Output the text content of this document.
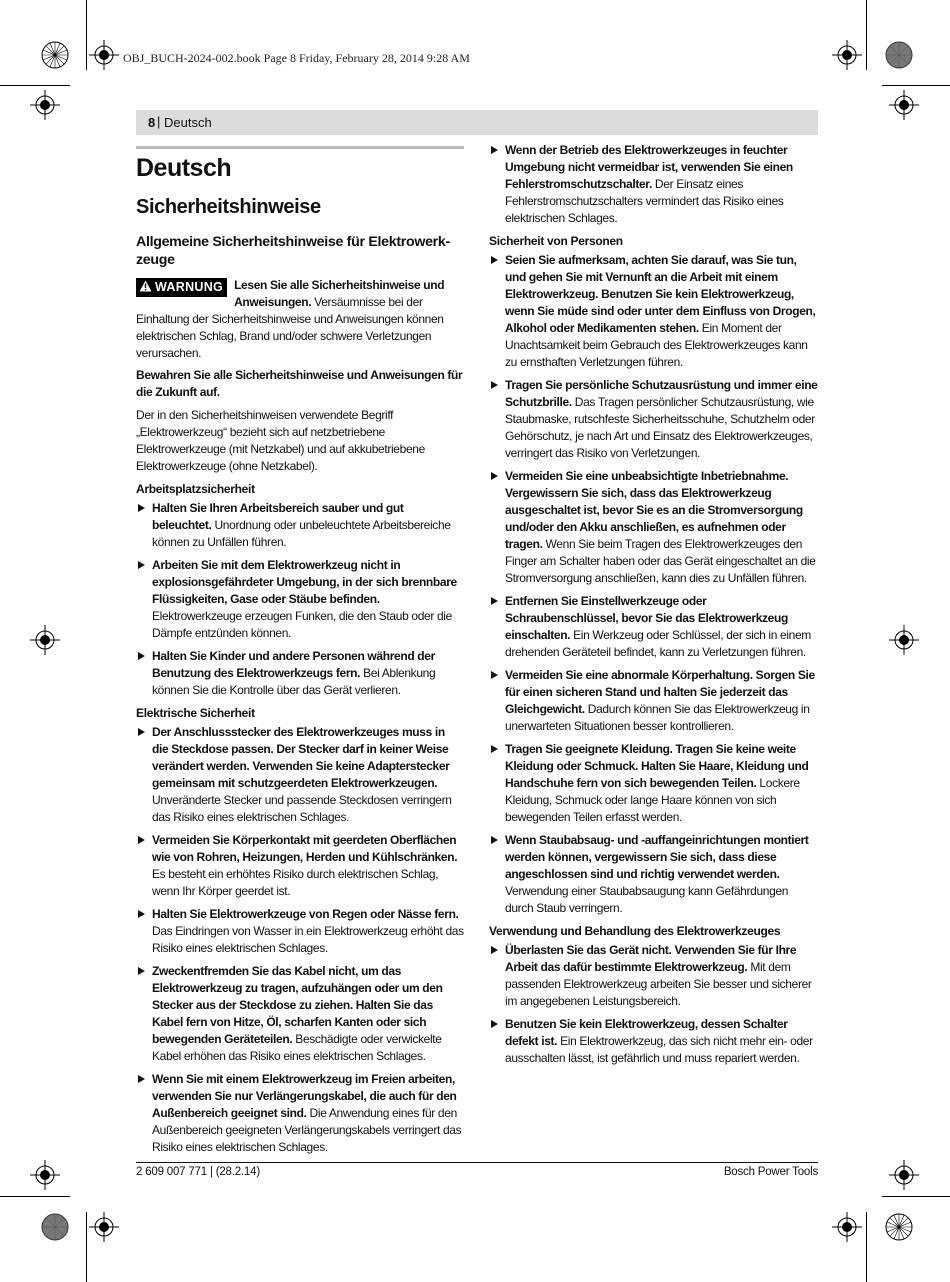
OBJ_BUCH-2024-002.book Page 8 Friday, February 28, 2014 9:28 AM
8 | Deutsch
Deutsch
Sicherheitshinweise
Allgemeine Sicherheitshinweise für Elektrowerk-zeuge

WARNUNG Lesen Sie alle Sicherheitshinweise und Anweisungen. Versäumnisse bei der Einhaltung der Sicherheitshinweise und Anweisungen können elektrischen Schlag, Brand und/oder schwere Verletzungen verursachen.

Bewahren Sie alle Sicherheitshinweise und Anweisungen für die Zukunft auf.

Der in den Sicherheitshinweisen verwendete Begriff „Elektrowerkzeug“ bezieht sich auf netzbetriebene Elektrowerkzeuge (mit Netzkabel) und auf akkubetriebene Elektrowerkzeuge (ohne Netzkabel).

Arbeitsplatzsicherheit
Halten Sie Ihren Arbeitsbereich sauber und gut beleuchtet. Unordnung oder unbeleuchtete Arbeitsbereiche können zu Unfällen führen.
Arbeiten Sie mit dem Elektrowerkzeug nicht in explosionsgefährdeter Umgebung, in der sich brennbare Flüssigkeiten, Gase oder Stäube befinden. Elektrowerkzeuge erzeugen Funken, die den Staub oder die Dämpfe entzünden können.
Halten Sie Kinder und andere Personen während der Benutzung des Elektrowerkzeugs fern. Bei Ablenkung können Sie die Kontrolle über das Gerät verlieren.
Elektrische Sicherheit
Der Anschlussstecker des Elektrowerkzeuges muss in die Steckdose passen. Der Stecker darf in keiner Weise verändert werden. Verwenden Sie keine Adapterstecker gemeinsam mit schutzgeerdeten Elektrowerkzeugen. Unveränderte Stecker und passende Steckdosen verringern das Risiko eines elektrischen Schlages.
Vermeiden Sie Körperkontakt mit geerdeten Oberflächen wie von Rohren, Heizungen, Herden und Kühlschränken. Es besteht ein erhöhtes Risiko durch elektrischen Schlag, wenn Ihr Körper geerdet ist.
Halten Sie Elektrowerkzeuge von Regen oder Nässe fern. Das Eindringen von Wasser in ein Elektrowerkzeug erhöht das Risiko eines elektrischen Schlages.
Zweckentfremden Sie das Kabel nicht, um das Elektrowerkzeug zu tragen, aufzuhängen oder um den Stecker aus der Steckdose zu ziehen. Halten Sie das Kabel fern von Hitze, Öl, scharfen Kanten oder sich bewegenden Geräteteilen. Beschädigte oder verwickelte Kabel erhöhen das Risiko eines elektrischen Schlages.
Wenn Sie mit einem Elektrowerkzeug im Freien arbeiten, verwenden Sie nur Verlängerungskabel, die auch für den Außenbereich geeignet sind. Die Anwendung eines für den Außenbereich geeigneten Verlängerungskabels verringert das Risiko eines elektrischen Schlages.
Wenn der Betrieb des Elektrowerkzeuges in feuchter Umgebung nicht vermeidbar ist, verwenden Sie einen Fehlerstromschutzschalter. Der Einsatz eines Fehlerstromschutzschalters vermindert das Risiko eines elektrischen Schlages.
Sicherheit von Personen
Seien Sie aufmerksam, achten Sie darauf, was Sie tun, und gehen Sie mit Vernunft an die Arbeit mit einem Elektrowerkzeug. Benutzen Sie kein Elektrowerkzeug, wenn Sie müde sind oder unter dem Einfluss von Drogen, Alkohol oder Medikamenten stehen. Ein Moment der Unachtsamkeit beim Gebrauch des Elektrowerkzeuges kann zu ernsthaften Verletzungen führen.
Tragen Sie persönliche Schutzausrüstung und immer eine Schutzbrille. Das Tragen persönlicher Schutzausrüstung, wie Staubmaske, rutschfeste Sicherheitsschuhe, Schutzhelm oder Gehörschutz, je nach Art und Einsatz des Elektrowerkzeuges, verringert das Risiko von Verletzungen.
Vermeiden Sie eine unbeabsichtigte Inbetriebnahme. Vergewissern Sie sich, dass das Elektrowerkzeug ausgeschaltet ist, bevor Sie es an die Stromversorgung und/oder den Akku anschließen, es aufnehmen oder tragen. Wenn Sie beim Tragen des Elektrowerkzeuges den Finger am Schalter haben oder das Gerät eingeschaltet an die Stromversorgung anschließen, kann dies zu Unfällen führen.
Entfernen Sie Einstellwerkzeuge oder Schraubenschlüssel, bevor Sie das Elektrowerkzeug einschalten. Ein Werkzeug oder Schlüssel, der sich in einem drehenden Geräteteil befindet, kann zu Verletzungen führen.
Vermeiden Sie eine abnormale Körperhaltung. Sorgen Sie für einen sicheren Stand und halten Sie jederzeit das Gleichgewicht. Dadurch können Sie das Elektrowerkzeug in unerwarteten Situationen besser kontrollieren.
Tragen Sie geeignete Kleidung. Tragen Sie keine weite Kleidung oder Schmuck. Halten Sie Haare, Kleidung und Handschuhe fern von sich bewegenden Teilen. Lockere Kleidung, Schmuck oder lange Haare können von sich bewegenden Teilen erfasst werden.
Wenn Staubabsaug- und -auffangeinrichtungen montiert werden können, vergewissern Sie sich, dass diese angeschlossen sind und richtig verwendet werden. Verwendung einer Staubabsaugung kann Gefährdungen durch Staub verringern.
Verwendung und Behandlung des Elektrowerkzeuges
Überlasten Sie das Gerät nicht. Verwenden Sie für Ihre Arbeit das dafür bestimmte Elektrowerkzeug. Mit dem passenden Elektrowerkzeug arbeiten Sie besser und sicherer im angegebenen Leistungsbereich.
Benutzen Sie kein Elektrowerkzeug, dessen Schalter defekt ist. Ein Elektrowerkzeug, das sich nicht mehr ein- oder ausschalten lässt, ist gefährlich und muss repariert werden.
2 609 007 771 | (28.2.14)	Bosch Power Tools
